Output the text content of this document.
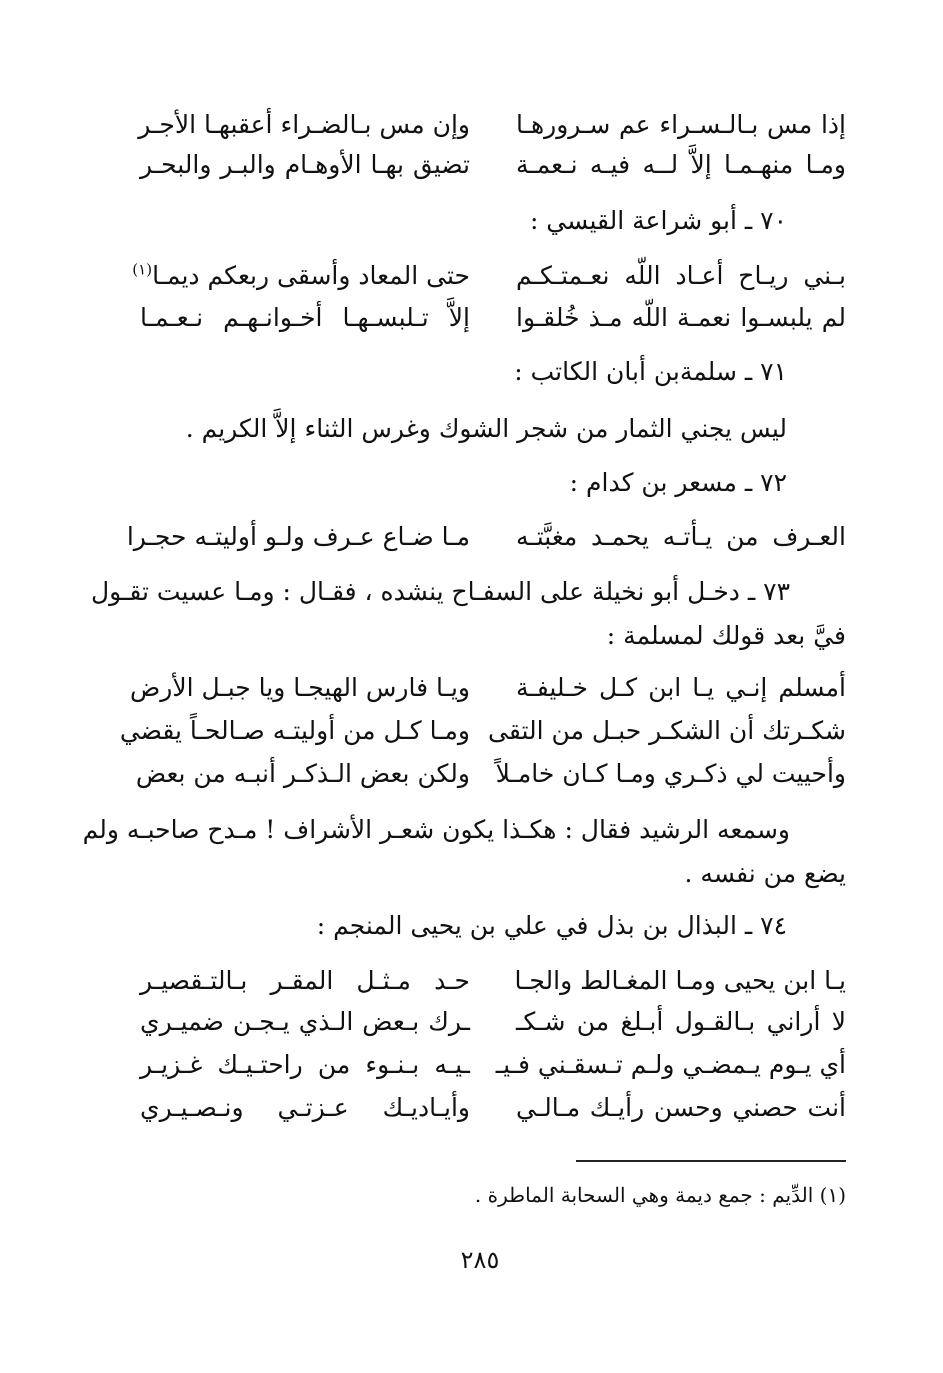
إذا مس بـالـسـراء عم سـرورهـا
وإن مس بـالضـراء أعقبهـا الأجـر
ومـا منهـمـا إلاَّ لــه فيـه نـعمـة
تضيق بهـا الأوهـام والبـر والبحـر
٧٠ ـ أبو شراعة القيسي :
بـني ريـاح أعـاد اللّه نعـمتـكـم
حتى المعاد وأسقى ربعكم ديمـا$^{(١)}$
لم يلبسـوا نعمـة اللّه مـذ خُلقـوا
إلاَّ تـلبسـهـا أخـوانـهـم نـعـمـا
٧١ ـ سلمةبن أبان الكاتب :
ليس يجني الثمار من شجر الشوك وغرس الثناء إلاَّ الكريم .
٧٢ ـ مسعر بن كدام :
العـرف من يـأتـه يحمـد مغبَّتـه
مـا ضـاع عـرف ولـو أوليتـه حجـرا
٧٣ ـ دخـل أبو نخيلة على السفـاح ينشده ، فقـال : ومـا عسيت تقـول
فيَّ بعد قولك لمسلمة :
أمسلم إنـي يـا ابن كـل خـليفـة
ويـا فارس الهيجـا ويا جبـل الأرض
شكـرتك أن الشكـر حبـل من التقى
ومـا كـل من أوليتـه صـالحـاً يقضي
وأحييت لي ذكـري ومـا كـان خامـلاً
ولكن بعض الـذكـر أنبـه من بعض
وسمعه الرشيد فقال : هكـذا يكون شعـر الأشراف ! مـدح صاحبـه ولم
يضع من نفسه .
٧٤ ـ البذال بن بذل في علي بن يحيى المنجم :
يـا ابن يحيى ومـا المغـالط والجـا
حـد مـثـل المقـر بـالتـقصيـر
لا أراني بـالقـول أبـلغ من شـكـ
ـرك بـعض الـذي يـجـن ضميـري
أي يـوم يـمضـي ولـم تـسقـني فـيـ
ـيـه بـنـوء من راحتـيـك غـزيـر
أنت حصني وحسن رأيـك مـالـي
وأيـاديـك عـزتـي ونـصـيـري
(١) الدِّيم : جمع ديمة وهي السحابة الماطرة .
٢٨٥
